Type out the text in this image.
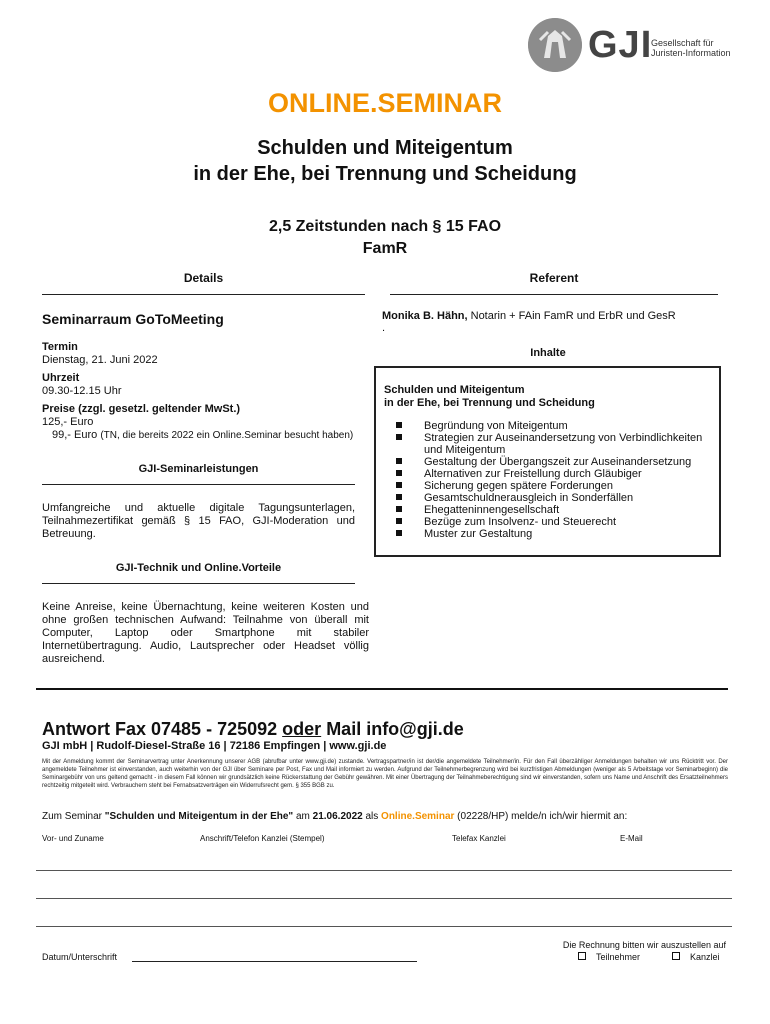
GJI
Gesellschaft für
Juristen-Information
ONLINE.SEMINAR
Schulden und Miteigentum
in der Ehe, bei Trennung und Scheidung
2,5 Zeitstunden nach § 15 FAO
FamR
Details	Referent
Seminarraum GoToMeeting
Termin
Dienstag, 21. Juni 2022
Uhrzeit
09.30-12.15 Uhr
Preise (zzgl. gesetzl. geltender MwSt.)
125,- Euro
99,- Euro (TN, die bereits 2022 ein Online.Seminar besucht haben)
GJI-Seminarleistungen
Umfangreiche und aktuelle digitale Tagungsunterlagen, Teilnahmezertifikat gemäß § 15 FAO, GJI-Moderation und Betreuung.
GJI-Technik und Online.Vorteile
Keine Anreise, keine Übernachtung, keine weiteren Kosten und ohne großen technischen Aufwand: Teilnahme von überall mit Computer, Laptop oder Smartphone mit stabiler Internetübertragung. Audio, Lautsprecher oder Headset völlig ausreichend.
Monika B. Hähn, Notarin + FAin FamR und ErbR und GesR
.
Inhalte
Schulden und Miteigentum
in der Ehe, bei Trennung und Scheidung
Begründung von Miteigentum
Strategien zur Auseinandersetzung von Verbindlichkeiten und Miteigentum
Gestaltung der Übergangszeit zur Auseinandersetzung
Alternativen zur Freistellung durch Gläubiger
Sicherung gegen spätere Forderungen
Gesamtschuldnerausgleich in Sonderfällen
Ehegatteninnengesellschaft
Bezüge zum Insolvenz- und Steuerecht
Muster zur Gestaltung
Antwort Fax 07485 - 725092 oder Mail info@gji.de
GJI mbH | Rudolf-Diesel-Straße 16 | 72186 Empfingen | www.gji.de
Mit der Anmeldung kommt der Seminarvertrag unter Anerkennung unserer AGB (abrufbar unter www.gji.de) zustande. Vertragspartner/in ist der/die angemeldete Teilnehmer/in. Für den Fall überzähliger Anmeldungen behalten wir uns Rücktritt vor. Der angemeldete Teilnehmer ist einverstanden, auch weiterhin von der GJI über Seminare per Post, Fax und Mail informiert zu werden. Aufgrund der Teilnehmerbegrenzung wird bei kurzfristigen Abmeldungen (weniger als 5 Arbeitstage vor Seminarbeginn) die Seminargebühr von uns geltend gemacht - in diesem Fall können wir grundsätzlich keine Rückerstattung der Gebühr gewähren. Mit einer Übertragung der Teilnahmeberechtigung sind wir einverstanden, sofern uns Name und Anschrift des Ersatzteilnehmers rechtzeitig mitgeteilt wird. Verbrauchern steht bei Fernabsatzverträgen ein Widerrufsrecht gem. § 355 BGB zu.
Zum Seminar "Schulden und Miteigentum in der Ehe" am 21.06.2022 als Online.Seminar (02228/HP) melde/n ich/wir hiermit an:
Vor- und Zuname	Anschrift/Telefon Kanzlei (Stempel)	Telefax Kanzlei	E-Mail
Datum/Unterschrift
Die Rechnung bitten wir auszustellen auf
Teilnehmer	Kanzlei
